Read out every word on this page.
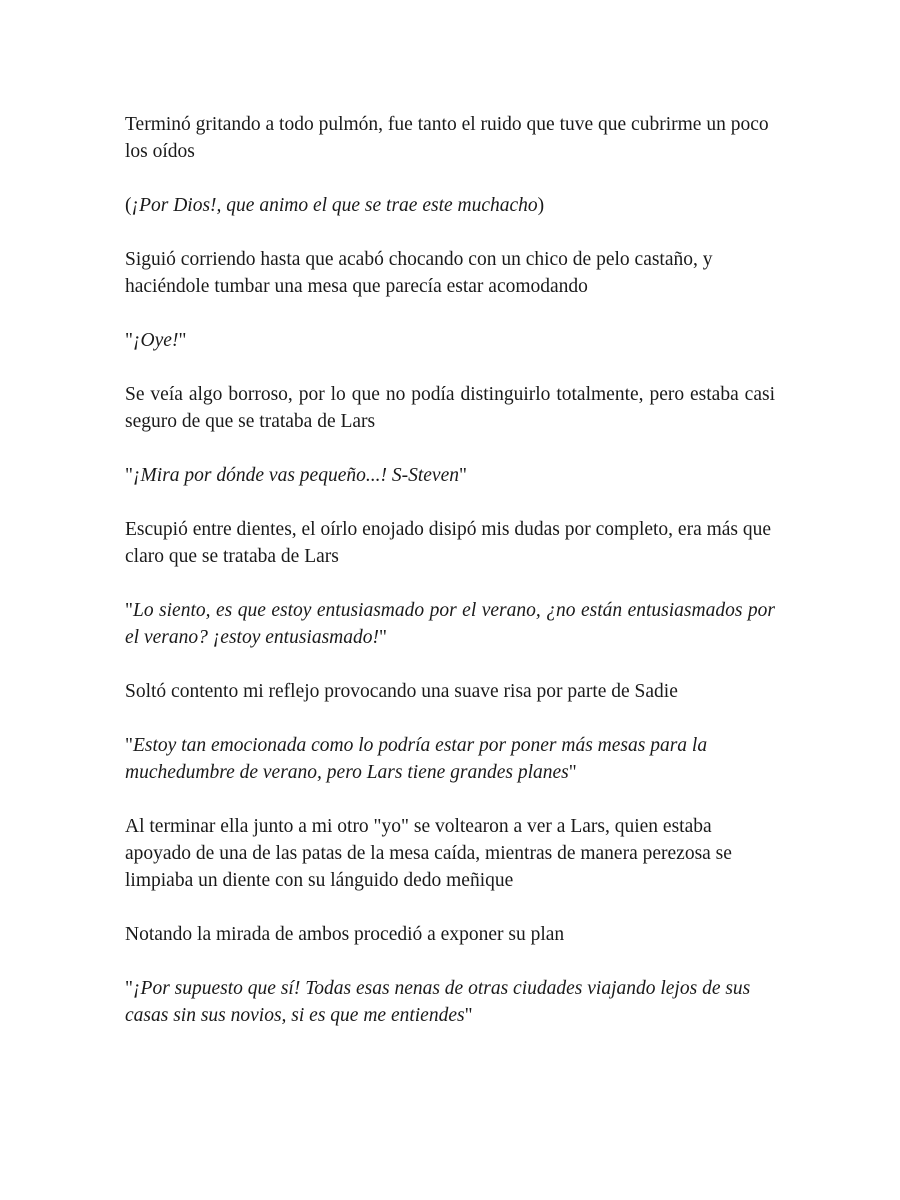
Terminó gritando a todo pulmón, fue tanto el ruido que tuve que cubrirme un poco los oídos

(¡Por Dios!, que animo el que se trae este muchacho)

Siguió corriendo hasta que acabó chocando con un chico de pelo castaño, y haciéndole tumbar una mesa que parecía estar acomodando

"¡Oye!"

Se veía algo borroso, por lo que no podía distinguirlo totalmente, pero estaba casi seguro de que se trataba de Lars

"¡Mira por dónde vas pequeño...! S-Steven"

Escupió entre dientes, el oírlo enojado disipó mis dudas por completo, era más que claro que se trataba de Lars

"Lo siento, es que estoy entusiasmado por el verano, ¿no están entusiasmados por el verano? ¡estoy entusiasmado!"

Soltó contento mi reflejo provocando una suave risa por parte de Sadie

"Estoy tan emocionada como lo podría estar por poner más mesas para la muchedumbre de verano, pero Lars tiene grandes planes"

Al terminar ella junto a mi otro "yo" se voltearon a ver a Lars, quien estaba apoyado de una de las patas de la mesa caída, mientras de manera perezosa se limpiaba un diente con su lánguido dedo meñique

Notando la mirada de ambos procedió a exponer su plan

"¡Por supuesto que sí! Todas esas nenas de otras ciudades viajando lejos de sus casas sin sus novios, si es que me entiendes"
